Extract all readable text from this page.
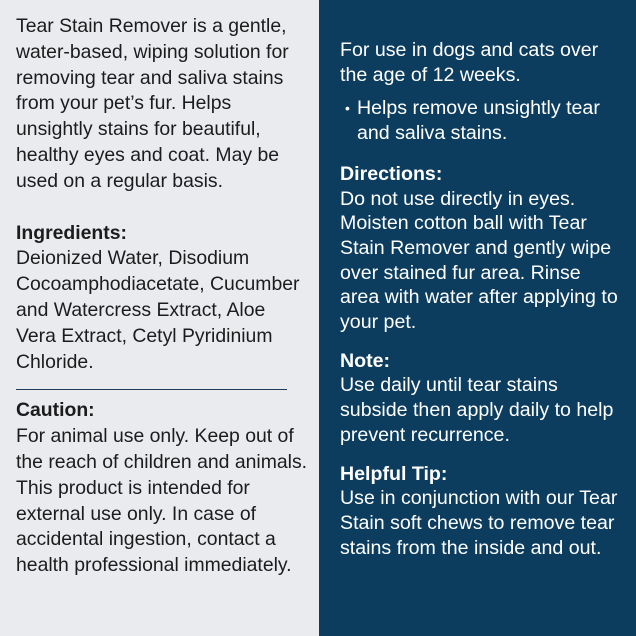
Tear Stain Remover is a gentle, water-based, wiping solution for removing tear and saliva stains from your pet’s fur. Helps unsightly stains for beautiful, healthy eyes and coat. May be used on a regular basis.

Ingredients:

Deionized Water, Disodium Cocoamphodiacetate, Cucumber and Watercress Extract, Aloe Vera Extract, Cetyl Pyridinium Chloride.

Caution:

For animal use only. Keep out of the reach of children and animals. This product is intended for external use only. In case of accidental ingestion, contact a health professional immediately.

For use in dogs and cats over the age of 12 weeks.

• Helps remove unsightly tear and saliva stains.

Directions:

Do not use directly in eyes. Moisten cotton ball with Tear Stain Remover and gently wipe over stained fur area. Rinse area with water after applying to your pet.

Note:

Use daily until tear stains subside then apply daily to help prevent recurrence.

Helpful Tip:

Use in conjunction with our Tear Stain soft chews to remove tear stains from the inside and out.
